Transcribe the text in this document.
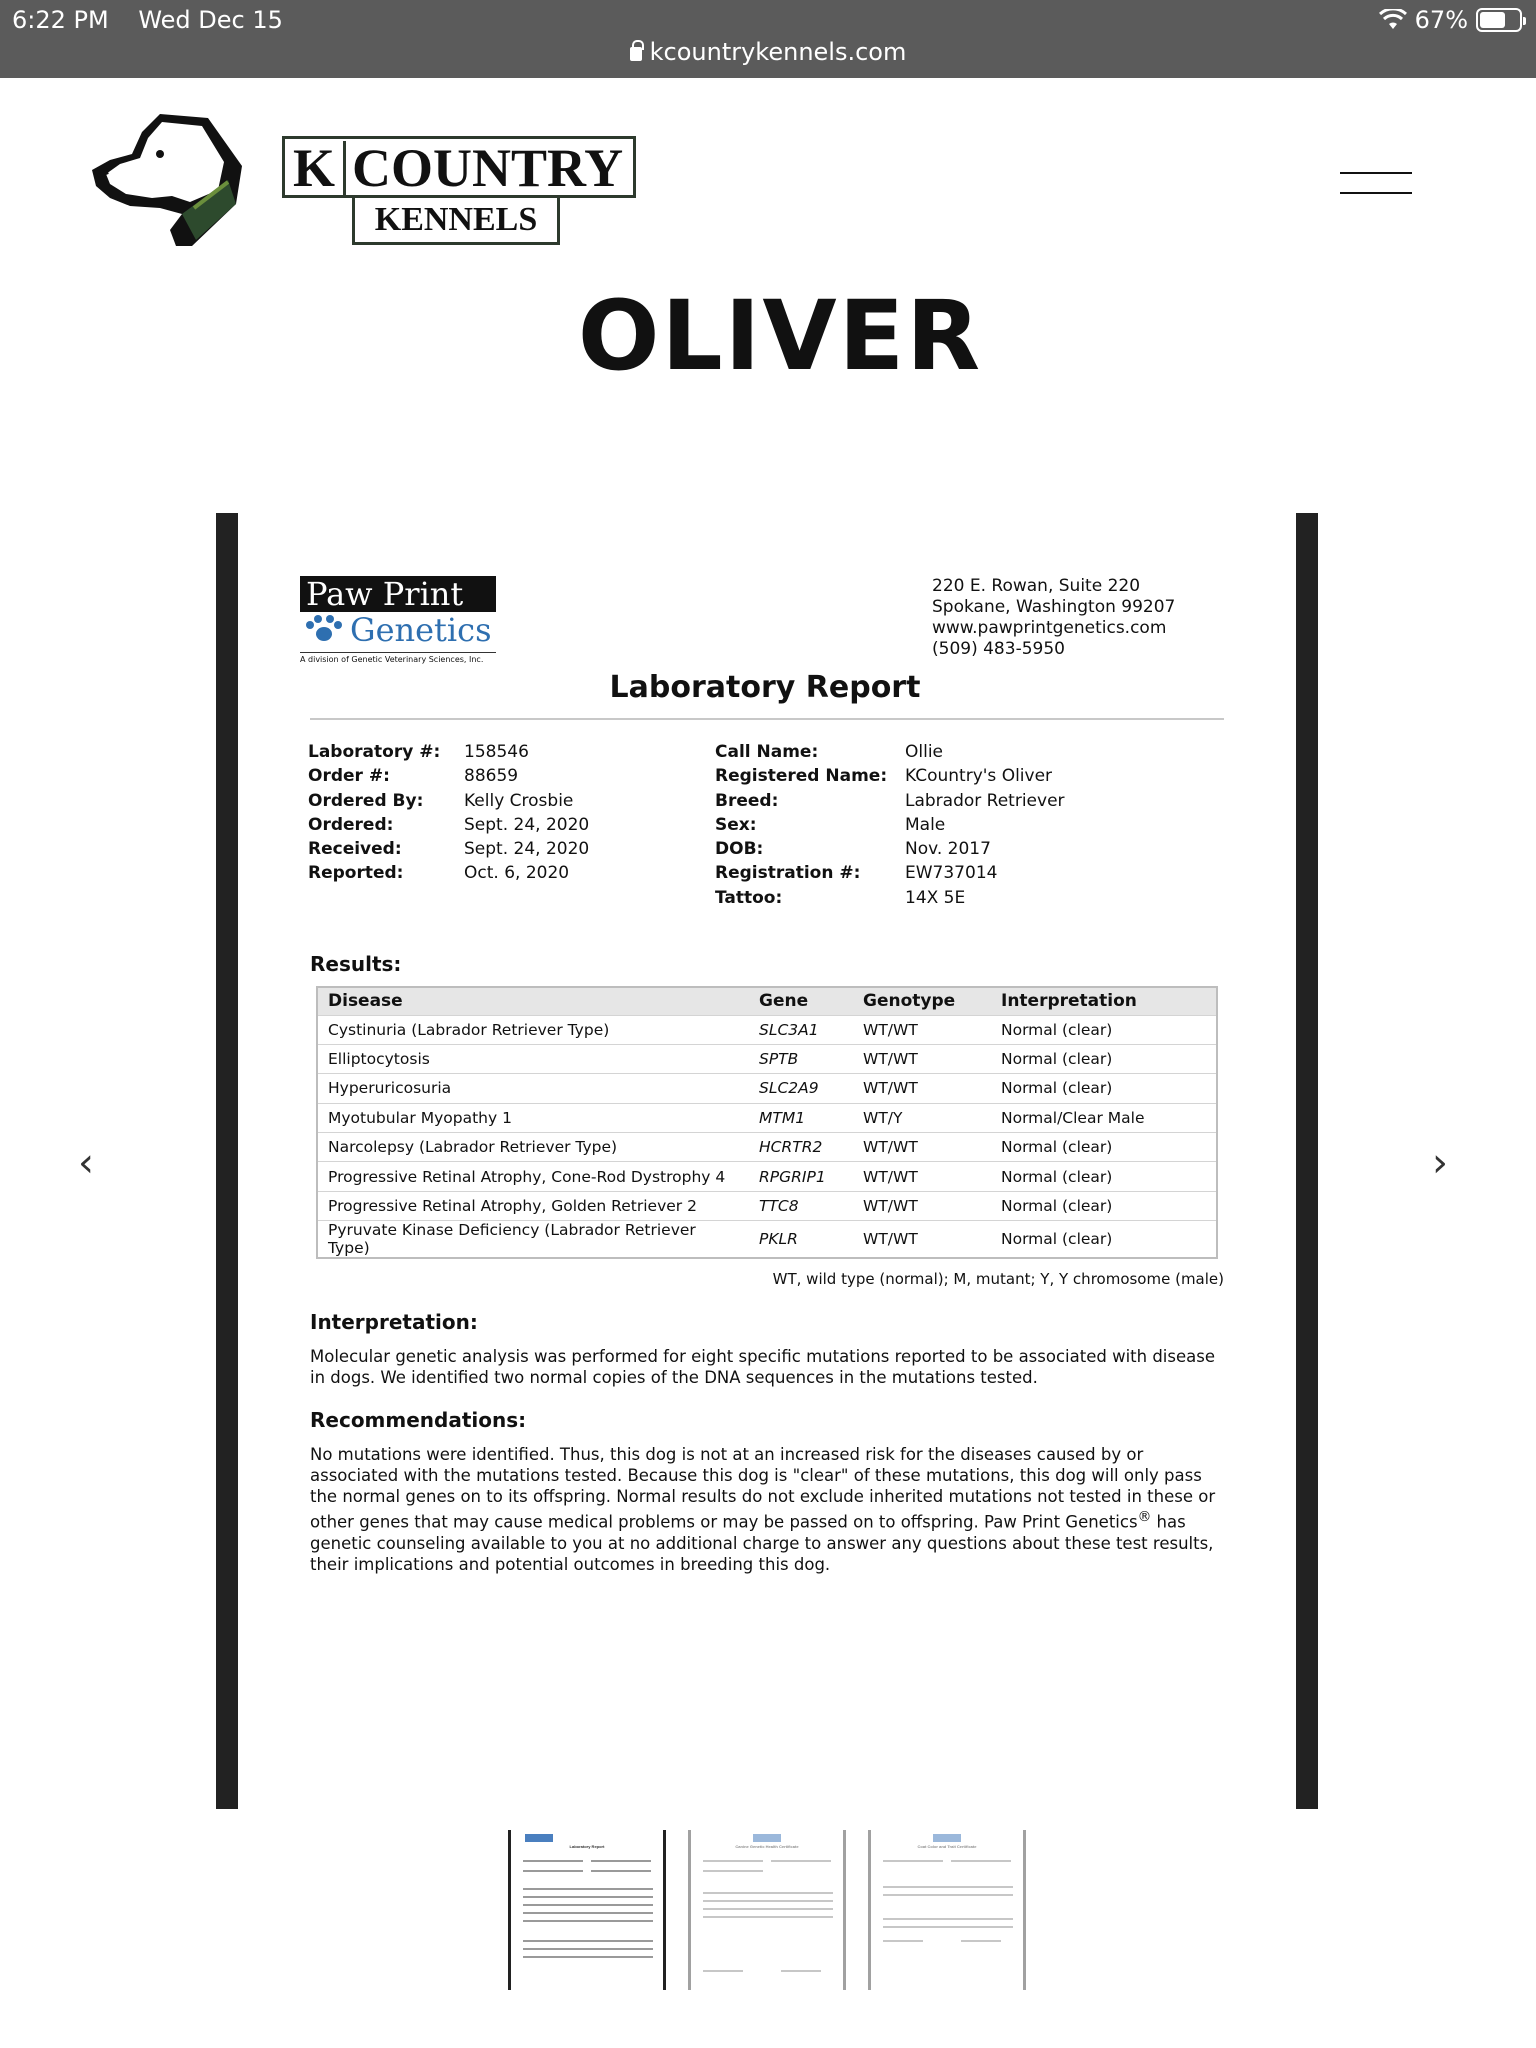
6:22 PM Wed Dec 15	67%
kcountrykennels.com
K COUNTRY
KENNELS
OLIVER
‹	›
Paw Print
Genetics
A division of Genetic Veterinary Sciences, Inc.
220 E. Rowan, Suite 220
Spokane, Washington 99207
www.pawprintgenetics.com
(509) 483-5950
Laboratory Report
Laboratory #:	158546
Order #:	88659
Ordered By:	Kelly Crosbie
Ordered:	Sept. 24, 2020
Received:	Sept. 24, 2020
Reported:	Oct. 6, 2020
Call Name:	Ollie
Registered Name:	KCountry's Oliver
Breed:	Labrador Retriever
Sex:	Male
DOB:	Nov. 2017
Registration #:	EW737014
Tattoo:	14X 5E
Results:
Disease	Gene	Genotype	Interpretation
Cystinuria (Labrador Retriever Type)	SLC3A1	WT/WT	Normal (clear)
Elliptocytosis	SPTB	WT/WT	Normal (clear)
Hyperuricosuria	SLC2A9	WT/WT	Normal (clear)
Myotubular Myopathy 1	MTM1	WT/Y	Normal/Clear Male
Narcolepsy (Labrador Retriever Type)	HCRTR2	WT/WT	Normal (clear)
Progressive Retinal Atrophy, Cone-Rod Dystrophy 4	RPGRIP1	WT/WT	Normal (clear)
Progressive Retinal Atrophy, Golden Retriever 2	TTC8	WT/WT	Normal (clear)
Pyruvate Kinase Deficiency (Labrador Retriever Type)	PKLR	WT/WT	Normal (clear)
WT, wild type (normal); M, mutant; Y, Y chromosome (male)
Interpretation:
Molecular genetic analysis was performed for eight specific mutations reported to be associated with disease in dogs. We identified two normal copies of the DNA sequences in the mutations tested.
Recommendations:
No mutations were identified. Thus, this dog is not at an increased risk for the diseases caused by or associated with the mutations tested. Because this dog is "clear" of these mutations, this dog will only pass the normal genes on to its offspring. Normal results do not exclude inherited mutations not tested in these or other genes that may cause medical problems or may be passed on to offspring. Paw Print Genetics® has genetic counseling available to you at no additional charge to answer any questions about these test results, their implications and potential outcomes in breeding this dog.
Laboratory Report	Canine Genetic Health Certificate	Coat Color and Trait Certificate
